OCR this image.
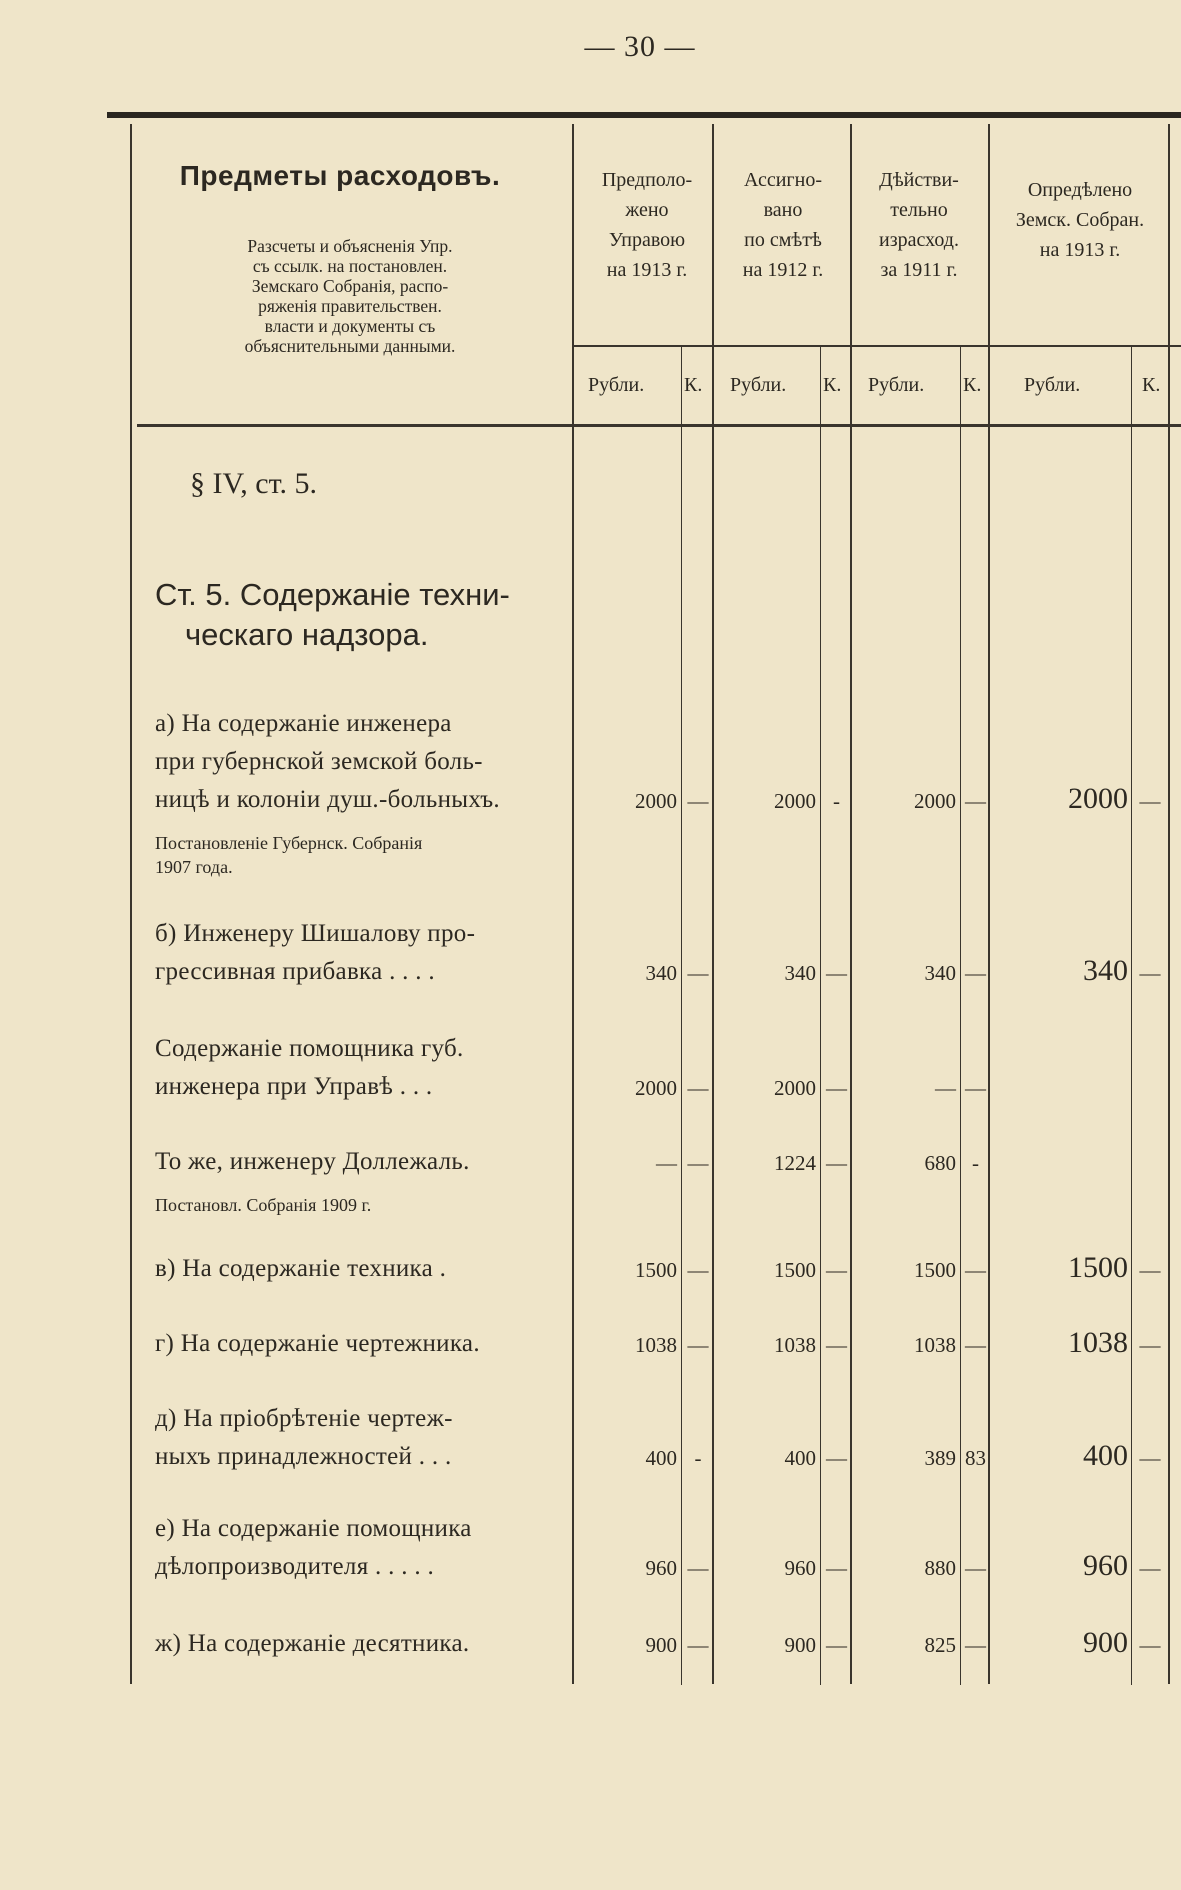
— 30 —
Предметы расходовъ.
Разсчеты и объясненія Упр.
съ ссылк. на постановлен.
Земскаго Собранія, распо-
ряженія правительствен.
власти и документы съ
объяснительными данными.
Предполо-
жено
Управою
на 1913 г.
Ассигно-
вано
по смѣтѣ
на 1912 г.
Дѣйстви-
тельно
израсход.
за 1911 г.
Опредѣлено
Земск. Собран.
на 1913 г.
Рубли. К. Рубли. К. Рубли. К. Рубли.	К.
§ IV, ст. 5.
Ст. 5. Содержаніе техни-
ческаго надзора.
а) На содержаніе инженера
при губернской земской боль-
ницѣ и колоніи душ.-больныхъ.
Постановленіе Губернск. Собранія
1907 года.
2000 —	2000 -	2000 —	2000 —
б) Инженеру Шишалову про-
грессивная прибавка . . . .	340 —	340 —	340 —	340 —
Содержаніе помощника губ.
инженера при Управѣ . . .	2000 —	2000 —	— —
То же, инженеру Доллежаль.
Постановл. Собранія 1909 г.
— —	1224 —	680 -
в) На содержаніе техника .	1500 —	1500 —	1500 —	1500 —
г) На содержаніе чертежника.	1038 —	1038 —	1038 —	1038 —
д) На пріобрѣтеніе чертеж-
ныхъ принадлежностей . . .	400 -	400 —	389 83	400 —
е) На содержаніе помощника
дѣлопроизводителя . . . . .	960 —	960 —	880 —	960 —
ж) На содержаніе десятника.	900 —	900 —	825 —	900 —
